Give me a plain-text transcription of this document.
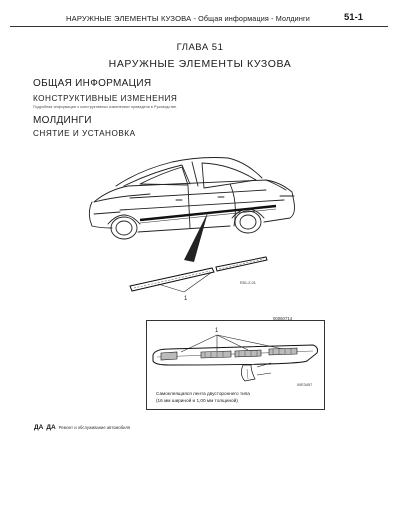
НАРУЖНЫЕ ЭЛЕМЕНТЫ КУЗОВА - Общая информация - Молдинги	51-1
ГЛАВА 51
НАРУЖНЫЕ ЭЛЕМЕНТЫ КУЗОВА
ОБЩАЯ ИНФОРМАЦИЯ
КОНСТРУКТИВНЫЕ ИЗМЕНЕНИЯ
Подробная информация о конструктивных изменениях приведена в Руководстве.
МОЛДИНГИ
СНЯТИЕ И УСТАНОВКА
1
R51-2-01
00060714
1
00E3457
Самоклеящаяся лента двустороннего типа
(16 мм шириной и 1,00 мм толщиной)
ДА ДА Ремонт и обслуживание автомобиля
